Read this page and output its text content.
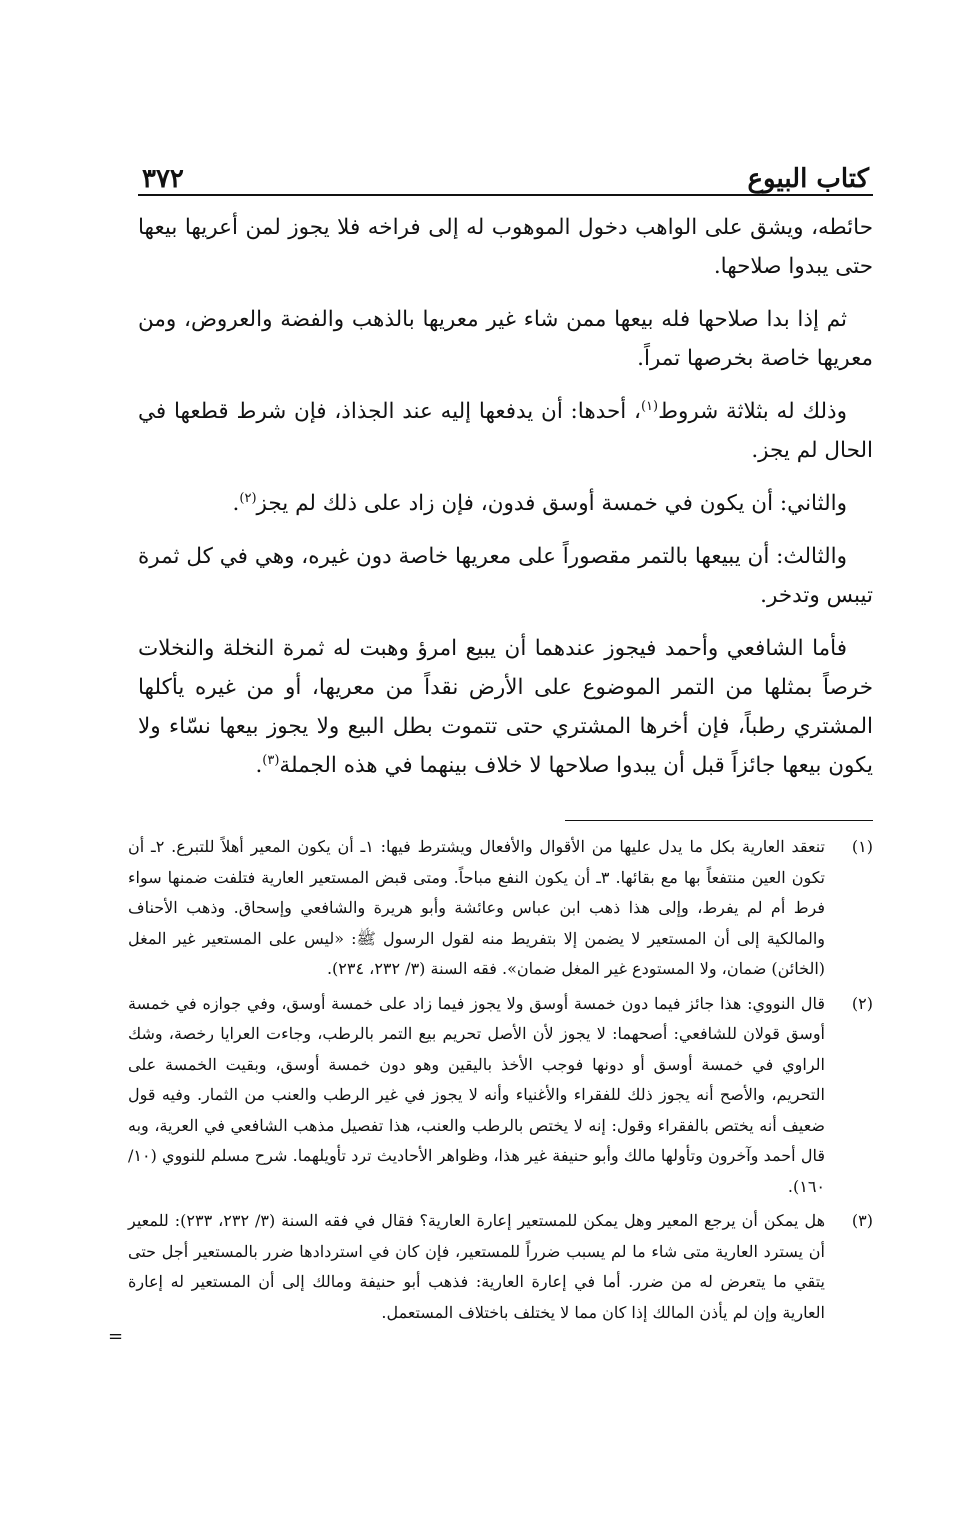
٣٧٢	كتاب البيوع

حائطه، ويشق على الواهب دخول الموهوب له إلى فراخه فلا يجوز لمن أعريها بيعها حتى يبدوا صلاحها.

ثم إذا بدا صلاحها فله بيعها ممن شاء غير معريها بالذهب والفضة والعروض، ومن معريها خاصة بخرصها تمراً.

وذلك له بثلاثة شروط$^{(١)}$، أحدها: أن يدفعها إليه عند الجذاذ، فإن شرط قطعها في الحال لم يجز.

والثاني: أن يكون في خمسة أوسق فدون، فإن زاد على ذلك لم يجز$^{(٢)}$.

والثالث: أن يبيعها بالتمر مقصوراً على معريها خاصة دون غيره، وهي في كل ثمرة تيبس وتدخر.

فأما الشافعي وأحمد فيجوز عندهما أن يبيع امرؤ وهبت له ثمرة النخلة والنخلات خرصاً بمثلها من التمر الموضوع على الأرض نقداً من معريها، أو من غيره يأكلها المشتري رطباً، فإن أخرها المشتري حتى تتموت بطل البيع ولا يجوز بيعها نسّاء ولا يكون بيعها جائزاً قبل أن يبدوا صلاحها لا خلاف بينهما في هذه الجملة$^{(٣)}$.

(١)
تنعقد العارية بكل ما يدل عليها من الأقوال والأفعال ويشترط فيها: ١ـ أن يكون المعير أهلاً للتبرع. ٢ـ أن تكون العين منتفعاً بها مع بقائها. ٣ـ أن يكون النفع مباحاً. ومتى قبض المستعير العارية فتلفت ضمنها سواء فرط أم لم يفرط، وإلى هذا ذهب ابن عباس وعائشة وأبو هريرة والشافعي وإسحاق. وذهب الأحناف والمالكية إلى أن المستعير لا يضمن إلا بتفريط منه لقول الرسول ﷺ: «ليس على المستعير غير المغل (الخائن) ضمان، ولا المستودع غير المغل ضمان». فقه السنة (٣/ ٢٣٢، ٢٣٤).
(٢)
قال النووي: هذا جائز فيما دون خمسة أوسق ولا يجوز فيما زاد على خمسة أوسق، وفي جوازه في خمسة أوسق قولان للشافعي: أصحهما: لا يجوز لأن الأصل تحريم بيع التمر بالرطب، وجاءت العرايا رخصة، وشك الراوي في خمسة أوسق أو دونها فوجب الأخذ باليقين وهو دون خمسة أوسق، وبقيت الخمسة على التحريم، والأصح أنه يجوز ذلك للفقراء والأغنياء وأنه لا يجوز في غير الرطب والعنب من الثمار. وفيه قول ضعيف أنه يختص بالفقراء وقول: إنه لا يختص بالرطب والعنب، هذا تفصيل مذهب الشافعي في العرية، وبه قال أحمد وآخرون وتأولها مالك وأبو حنيفة غير هذا، وظواهر الأحاديث ترد تأويلهما. شرح مسلم للنووي (١٠/ ١٦٠).
(٣)
هل يمكن أن يرجع المعير وهل يمكن للمستعير إعارة العارية؟ فقال في فقه السنة (٣/ ٢٣٢، ٢٣٣): للمعير أن يسترد العارية متى شاء ما لم يسبب ضرراً للمستعير، فإن كان في استردادها ضرر بالمستعير أجل حتى يتقي ما يتعرض له من ضرر. أما في إعارة العارية: فذهب أبو حنيفة ومالك إلى أن المستعير له إعارة العارية وإن لم يأذن المالك إذا كان مما لا يختلف باختلاف المستعمل.
=
